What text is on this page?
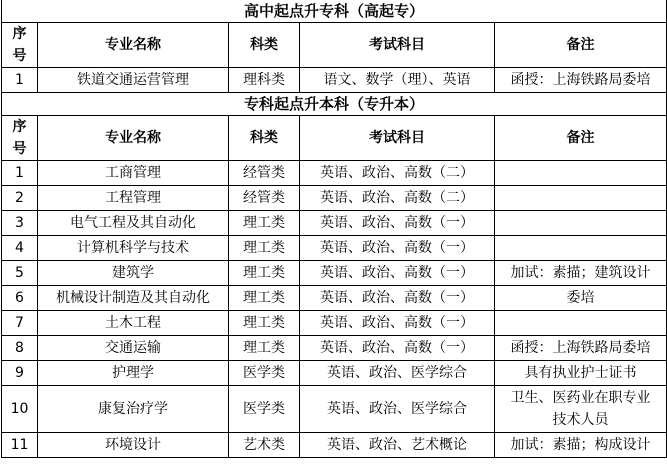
高中起点升专科（高起专）				
序号	专业名称	科类	考试科目	备注
1	铁道交通运营管理	理科类	语文、数学（理）、英语	函授：上海铁路局委培
专科起点升本科（专升本）				
序号	专业名称	科类	考试科目	备注
1	工商管理	经管类	英语、政治、高数（二）	
2	工程管理	经管类	英语、政治、高数（二）	
3	电气工程及其自动化	理工类	英语、政治、高数（一）	
4	计算机科学与技术	理工类	英语、政治、高数（一）	
5	建筑学	理工类	英语、政治、高数（一）	加试：素描；建筑设计
6	机械设计制造及其自动化	理工类	英语、政治、高数（一）	委培
7	土木工程	理工类	英语、政治、高数（一）	
8	交通运输	理工类	英语、政治、高数（一）	函授：上海铁路局委培
9	护理学	医学类	英语、政治、医学综合	具有执业护士证书
10	康复治疗学	医学类	英语、政治、医学综合	卫生、医药业在职专业技术人员
11	环境设计	艺术类	英语、政治、艺术概论	加试：素描；构成设计
